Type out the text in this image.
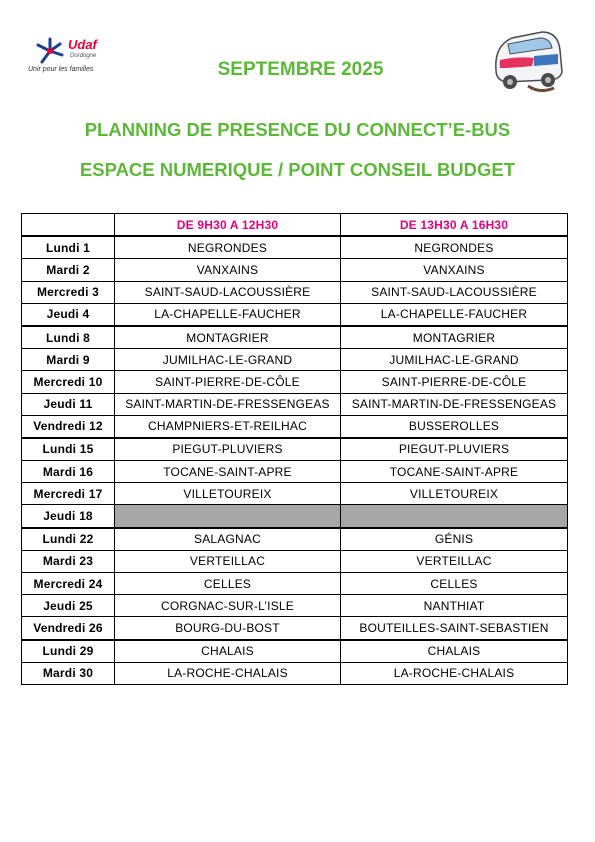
Udaf
Dordogne
Unir pour les familles	SEPTEMBRE 2025
PLANNING DE PRESENCE DU CONNECT’E-BUS
ESPACE NUMERIQUE / POINT CONSEIL BUDGET
	DE 9H30 A 12H30	DE 13H30 A 16H30
Lundi 1	NEGRONDES	NEGRONDES
Mardi 2	VANXAINS	VANXAINS
Mercredi 3	SAINT-SAUD-LACOUSSIÈRE	SAINT-SAUD-LACOUSSIÈRE
Jeudi 4	LA-CHAPELLE-FAUCHER	LA-CHAPELLE-FAUCHER
Lundi 8	MONTAGRIER	MONTAGRIER
Mardi 9	JUMILHAC-LE-GRAND	JUMILHAC-LE-GRAND
Mercredi 10	SAINT-PIERRE-DE-CÔLE	SAINT-PIERRE-DE-CÔLE
Jeudi 11	SAINT-MARTIN-DE-FRESSENGEAS	SAINT-MARTIN-DE-FRESSENGEAS
Vendredi 12	CHAMPNIERS-ET-REILHAC	BUSSEROLLES
Lundi 15	PIEGUT-PLUVIERS	PIEGUT-PLUVIERS
Mardi 16	TOCANE-SAINT-APRE	TOCANE-SAINT-APRE
Mercredi 17	VILLETOUREIX	VILLETOUREIX
Jeudi 18		
Lundi 22	SALAGNAC	GÉNIS
Mardi 23	VERTEILLAC	VERTEILLAC
Mercredi 24	CELLES	CELLES
Jeudi 25	CORGNAC-SUR-L’ISLE	NANTHIAT
Vendredi 26	BOURG-DU-BOST	BOUTEILLES-SAINT-SEBASTIEN
Lundi 29	CHALAIS	CHALAIS
Mardi 30	LA-ROCHE-CHALAIS	LA-ROCHE-CHALAIS
